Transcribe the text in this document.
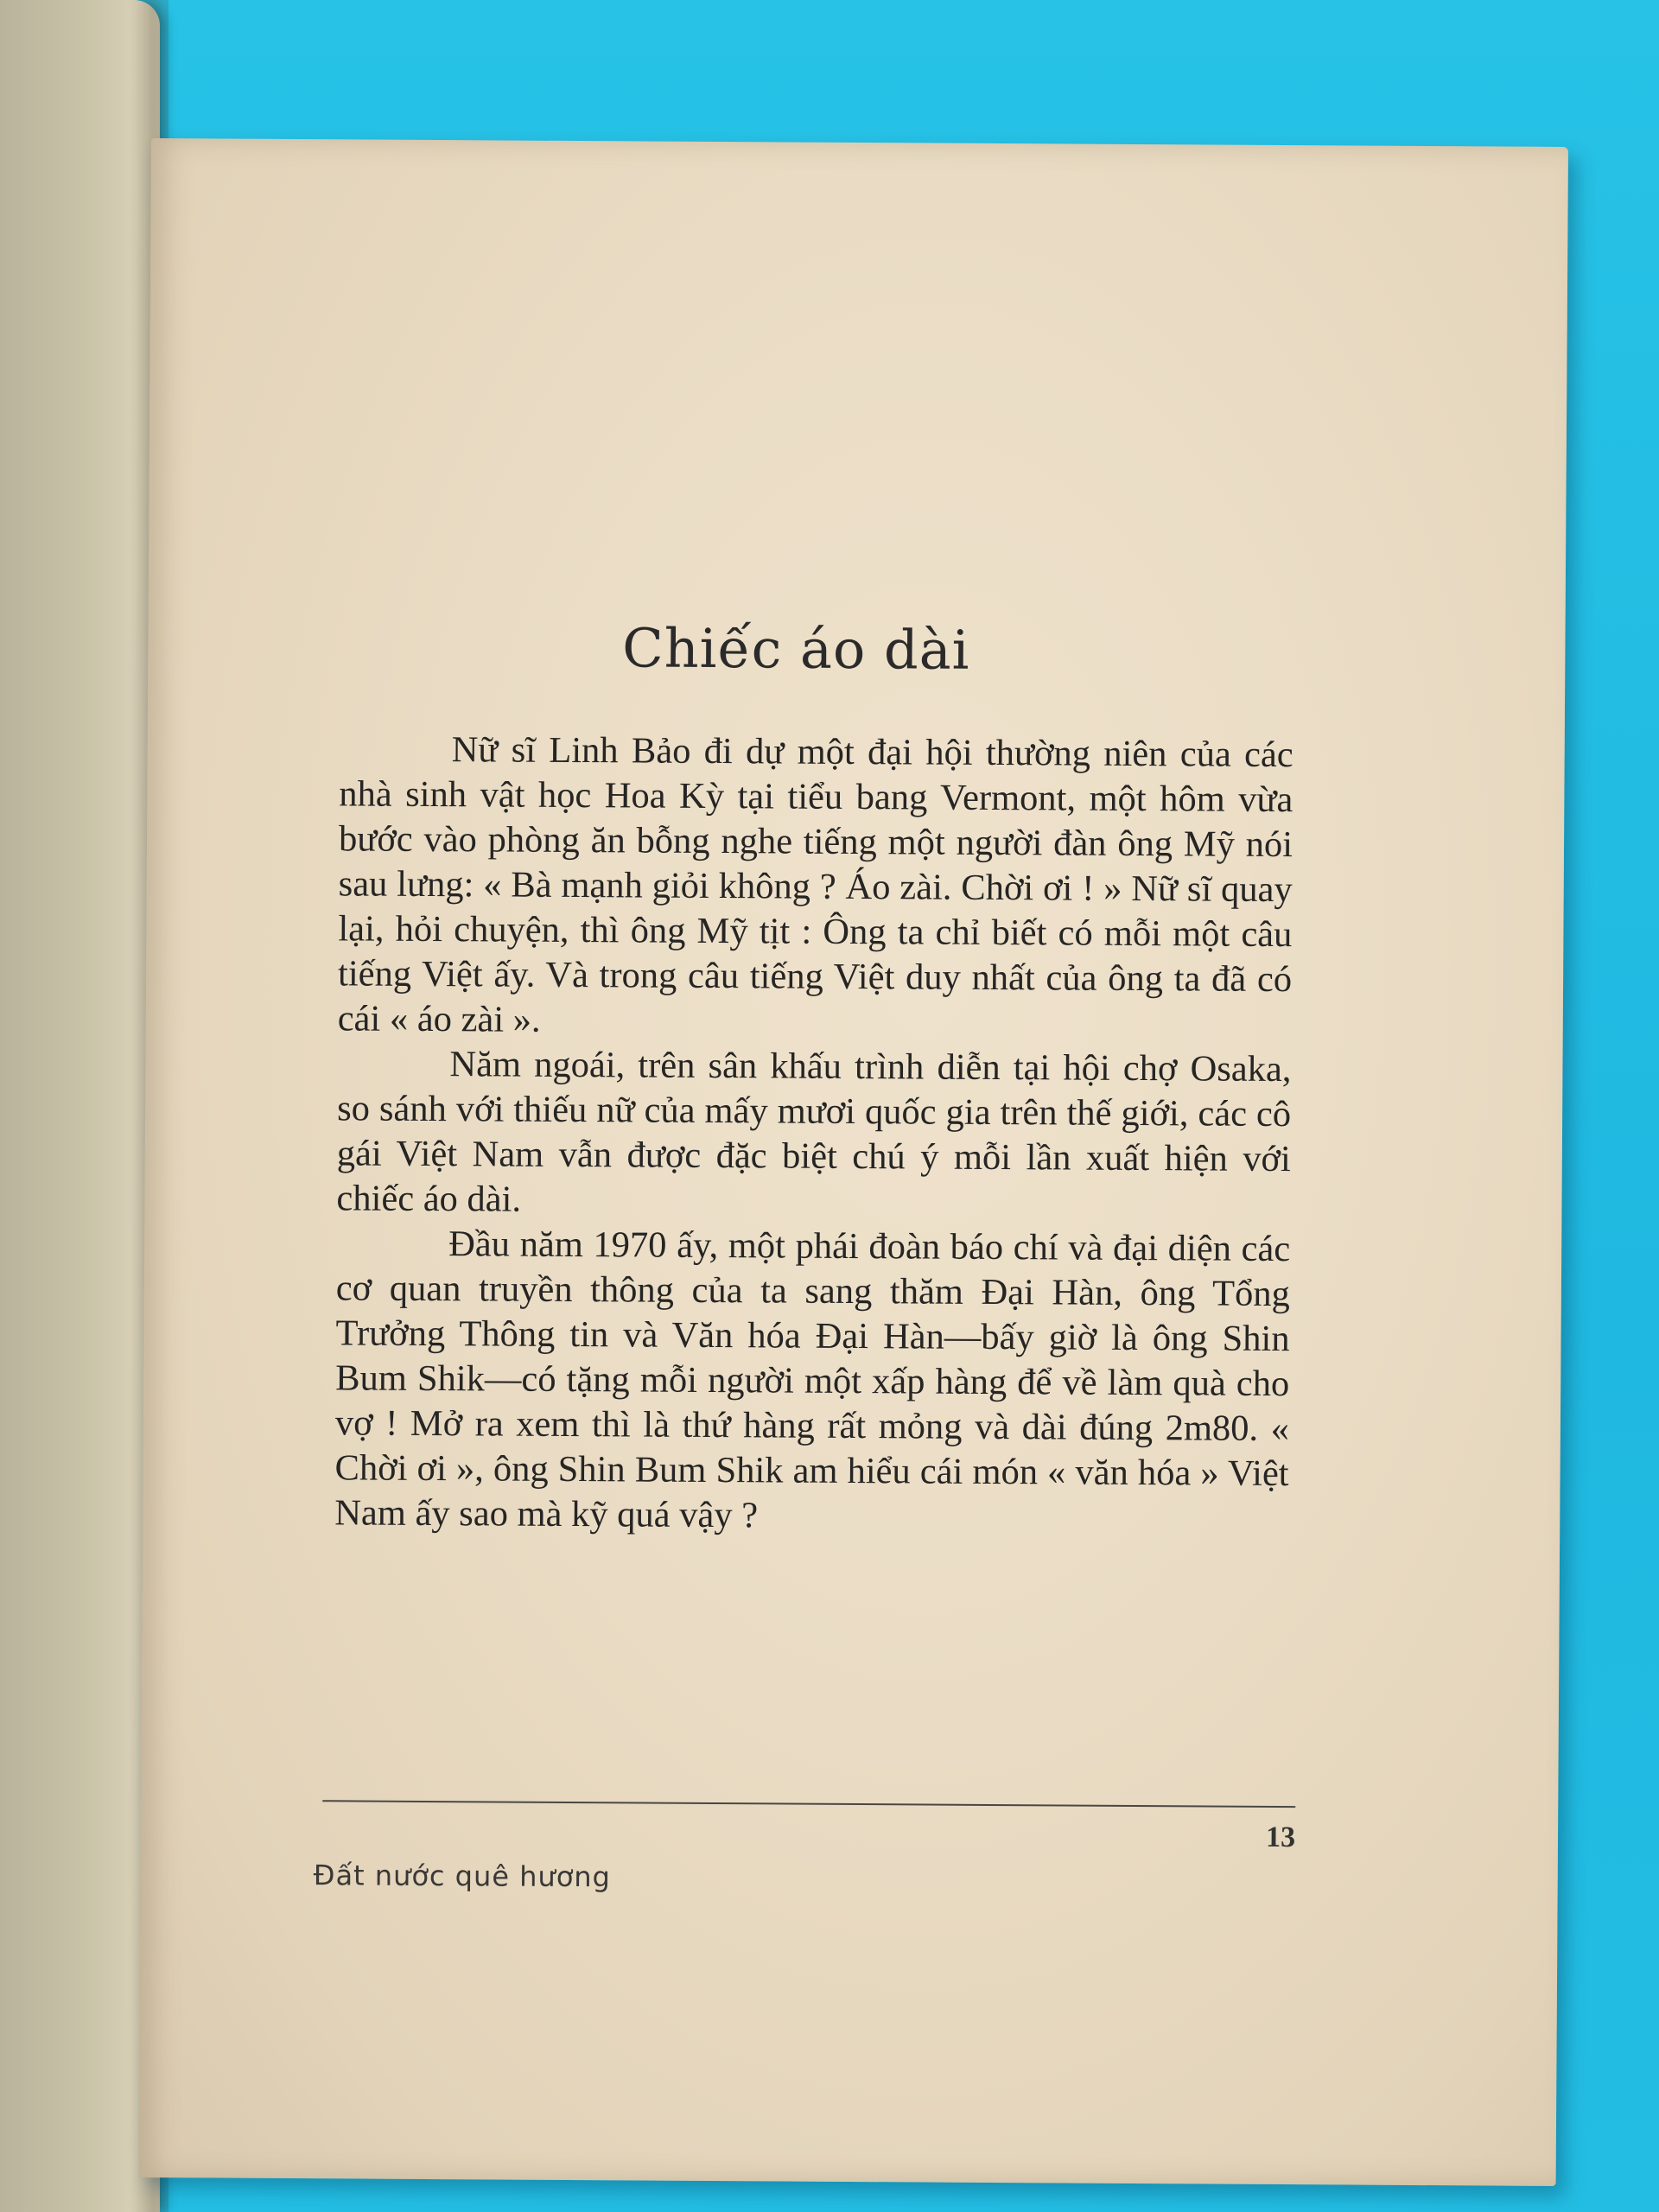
Chiếc áo dài

Nữ sĩ Linh Bảo đi dự một đại hội thường niên của các nhà sinh vật học Hoa Kỳ tại tiểu bang Vermont, một hôm vừa bước vào phòng ăn bỗng nghe tiếng một người đàn ông Mỹ nói sau lưng: « Bà mạnh giỏi không ? Áo zài. Chời ơi ! » Nữ sĩ quay lại, hỏi chuyện, thì ông Mỹ tịt : Ông ta chỉ biết có mỗi một câu tiếng Việt ấy. Và trong câu tiếng Việt duy nhất của ông ta đã có cái « áo zài ».

Năm ngoái, trên sân khấu trình diễn tại hội chợ Osaka, so sánh với thiếu nữ của mấy mươi quốc gia trên thế giới, các cô gái Việt Nam vẫn được đặc biệt chú ý mỗi lần xuất hiện với chiếc áo dài.

Đầu năm 1970 ấy, một phái đoàn báo chí và đại diện các cơ quan truyền thông của ta sang thăm Đại Hàn, ông Tổng Trưởng Thông tin và Văn hóa Đại Hàn—bấy giờ là ông Shin Bum Shik—có tặng mỗi người một xấp hàng để về làm quà cho vợ ! Mở ra xem thì là thứ hàng rất mỏng và dài đúng 2m80. « Chời ơi », ông Shin Bum Shik am hiểu cái món « văn hóa » Việt Nam ấy sao mà kỹ quá vậy ?

13
Đất nước quê hương
